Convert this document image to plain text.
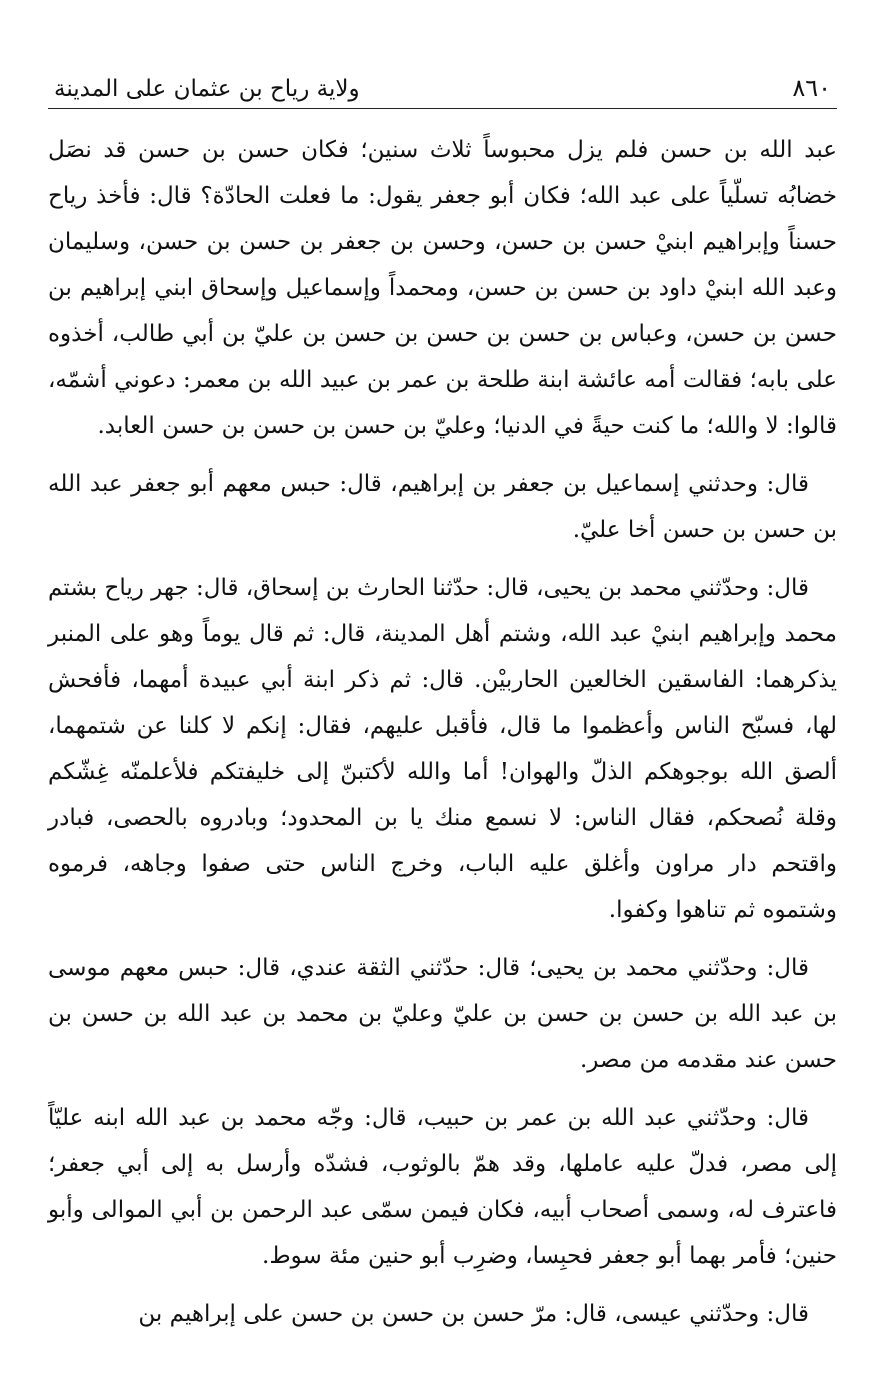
٨٦٠
ولاية رياح بن عثمان على المدينة

عبد الله بن حسن فلم يزل محبوساً ثلاث سنين؛ فكان حسن بن حسن قد نصَل خضابُه تسلّياً على عبد الله؛ فكان أبو جعفر يقول: ما فعلت الحادّة؟ قال: فأخذ رياح حسناً وإبراهيم ابنيْ حسن بن حسن، وحسن بن جعفر بن حسن بن حسن، وسليمان وعبد الله ابنيْ داود بن حسن بن حسن، ومحمداً وإسماعيل وإسحاق ابني إبراهيم بن حسن بن حسن، وعباس بن حسن بن حسن بن حسن بن عليّ بن أبي طالب، أخذوه على بابه؛ فقالت أمه عائشة ابنة طلحة بن عمر بن عبيد الله بن معمر: دعوني أشمّه، قالوا: لا والله؛ ما كنت حيةً في الدنيا؛ وعليّ بن حسن بن حسن بن حسن العابد.

قال: وحدثني إسماعيل بن جعفر بن إبراهيم، قال: حبس معهم أبو جعفر عبد الله بن حسن بن حسن أخا عليّ.

قال: وحدّثني محمد بن يحيى، قال: حدّثنا الحارث بن إسحاق، قال: جهر رياح بشتم محمد وإبراهيم ابنيْ عبد الله، وشتم أهل المدينة، قال: ثم قال يوماً وهو على المنبر يذكرهما: الفاسقين الخالعين الحاربيْن. قال: ثم ذكر ابنة أبي عبيدة أمهما، فأفحش لها، فسبّح الناس وأعظموا ما قال، فأقبل عليهم، فقال: إنكم لا كلنا عن شتمهما، ألصق الله بوجوهكم الذلّ والهوان! أما والله لأكتبنّ إلى خليفتكم فلأعلمنّه غِشّكم وقلة نُصحكم، فقال الناس: لا نسمع منك يا بن المحدود؛ وبادروه بالحصى، فبادر واقتحم دار مراون وأغلق عليه الباب، وخرج الناس حتى صفوا وجاهه، فرموه وشتموه ثم تناهوا وكفوا.

قال: وحدّثني محمد بن يحيى؛ قال: حدّثني الثقة عندي، قال: حبس معهم موسى بن عبد الله بن حسن بن حسن بن عليّ وعليّ بن محمد بن عبد الله بن حسن بن حسن عند مقدمه من مصر.

قال: وحدّثني عبد الله بن عمر بن حبيب، قال: وجّه محمد بن عبد الله ابنه عليّاً إلى مصر، فدلّ عليه عاملها، وقد همّ بالوثوب، فشدّه وأرسل به إلى أبي جعفر؛ فاعترف له، وسمى أصحاب أبيه، فكان فيمن سمّى عبد الرحمن بن أبي الموالى وأبو حنين؛ فأمر بهما أبو جعفر فحبِسا، وضرِب أبو حنين مئة سوط.

قال: وحدّثني عيسى، قال: مرّ حسن بن حسن بن حسن على إبراهيم بن
